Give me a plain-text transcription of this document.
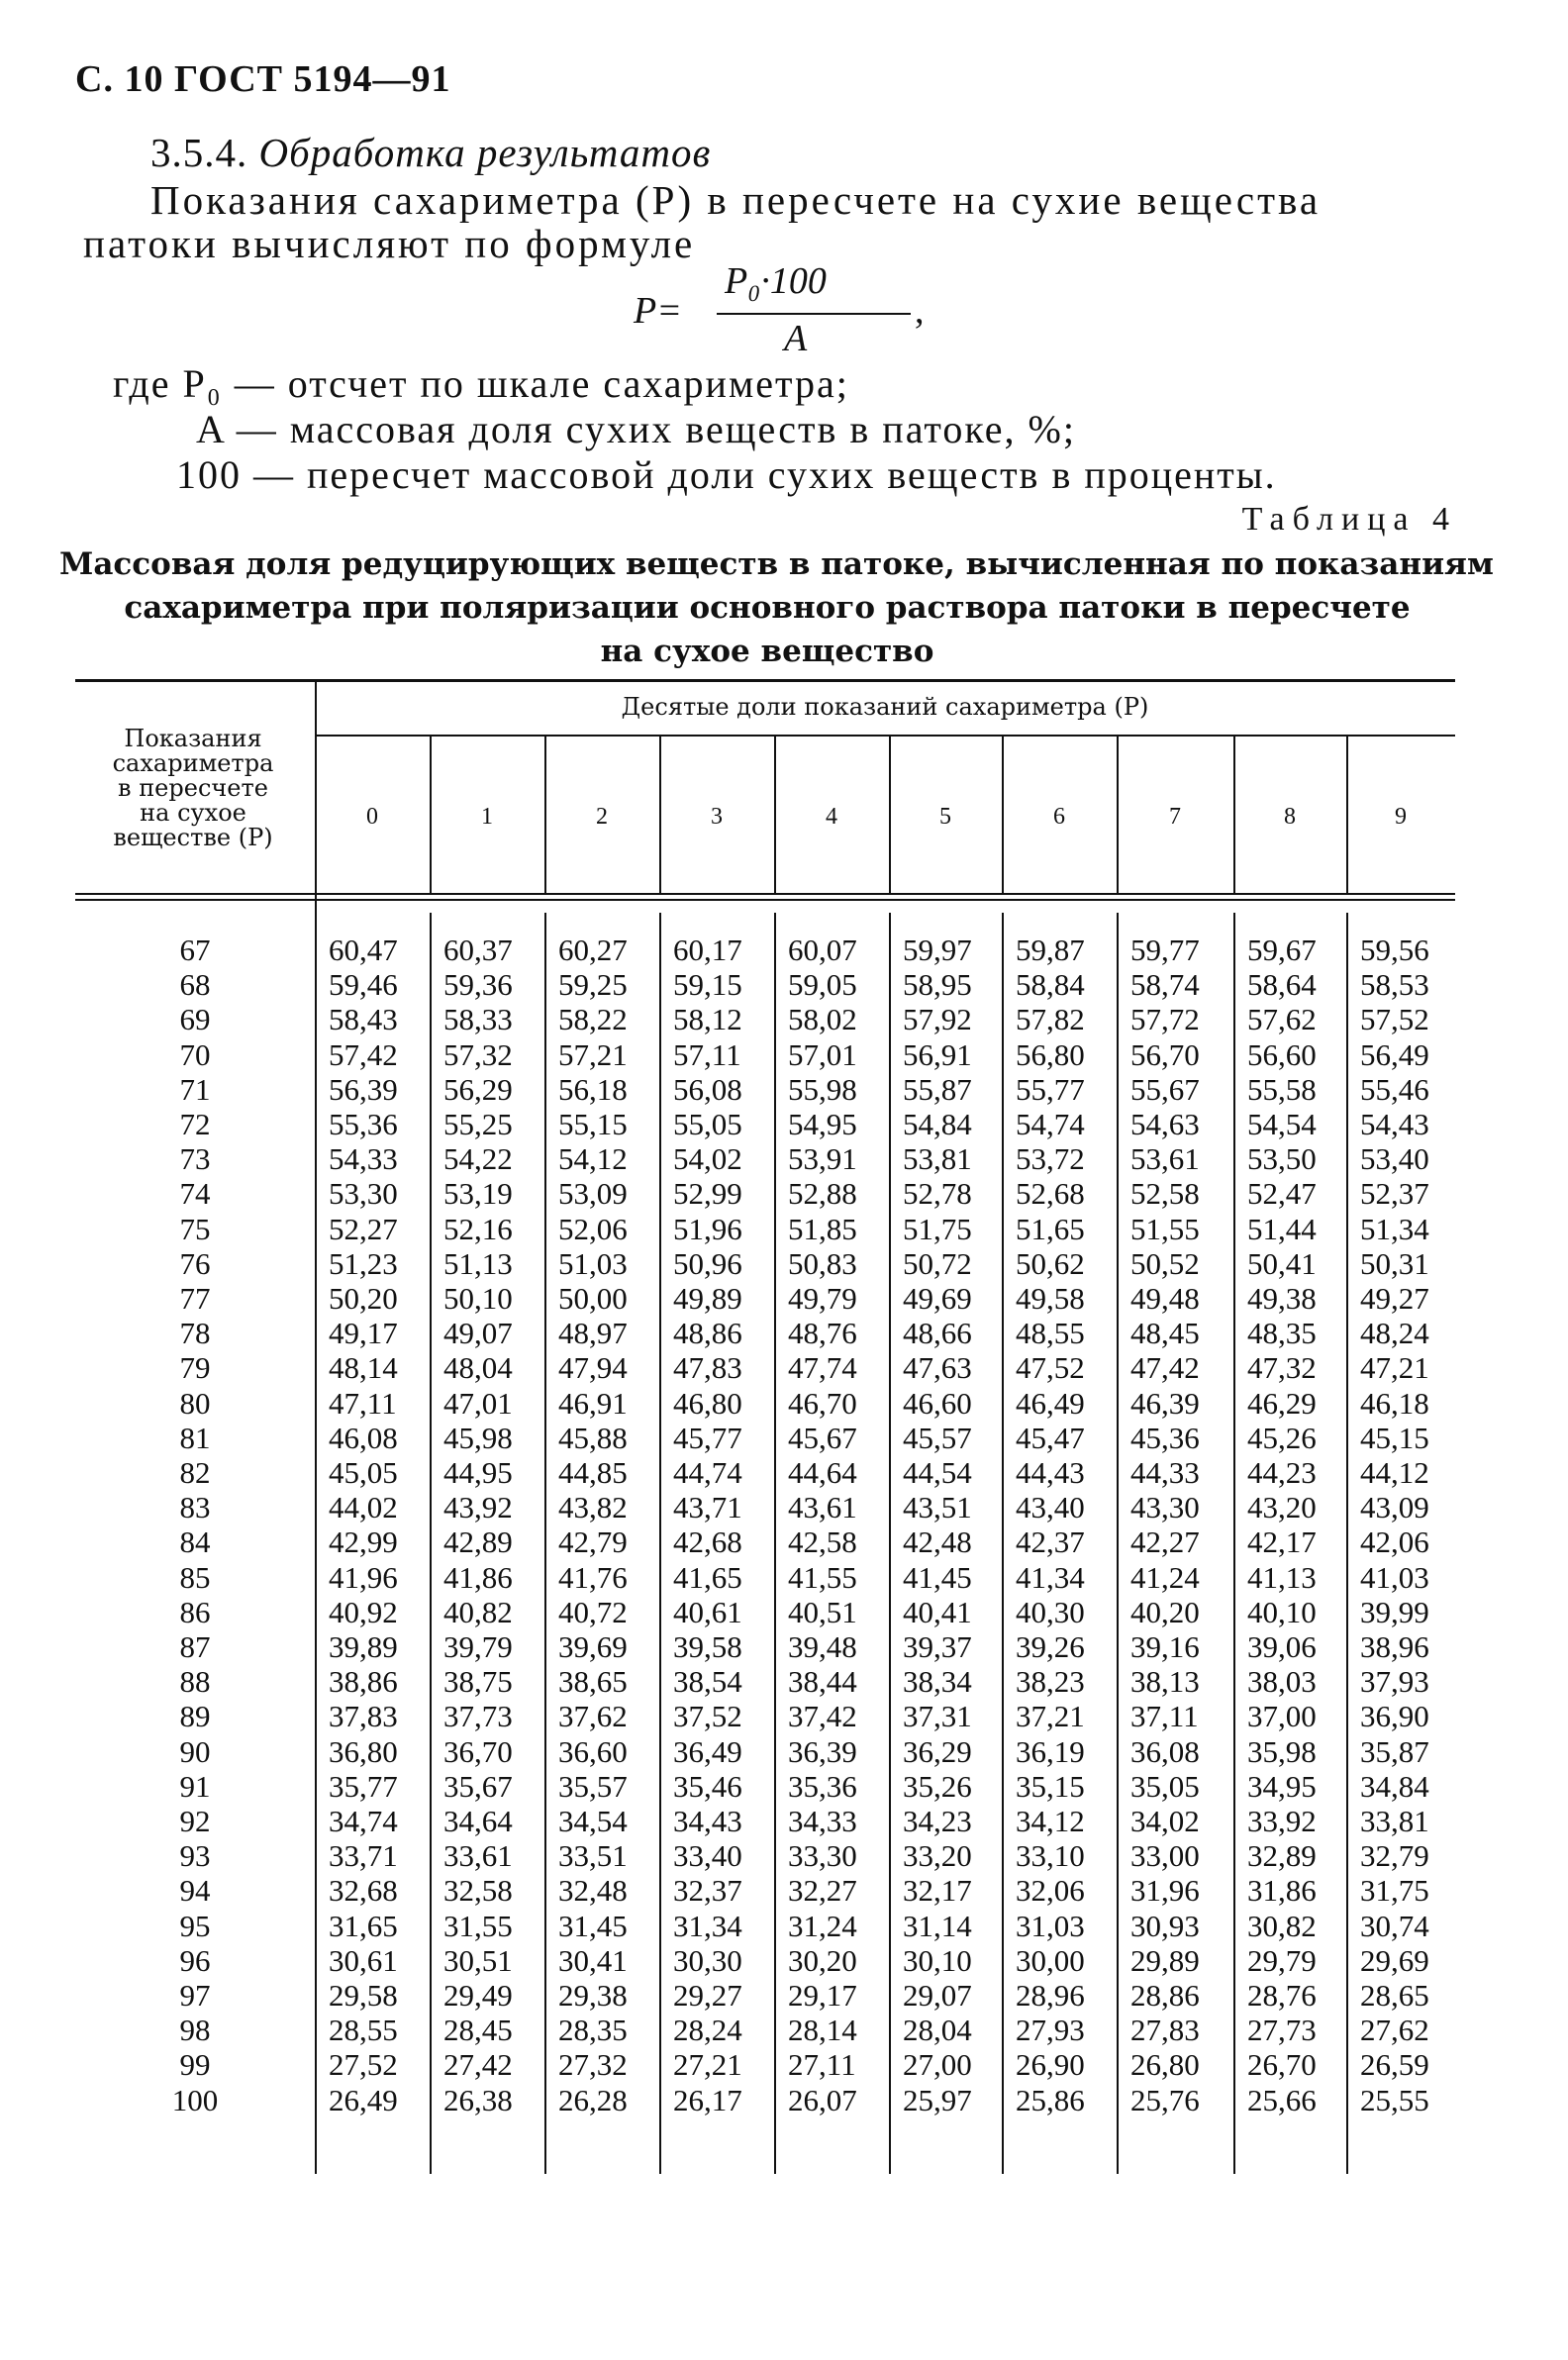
С. 10 ГОСТ 5194—91
3.5.4. Обработка результатов
Показания сахариметра (P) в пересчете на сухие вещества
патоки вычисляют по формуле
P=
P₀·100
A
,
где P₀ — отсчет по шкале сахариметра;
A — массовая доля сухих веществ в патоке, %;
100 — пересчет массовой доли сухих веществ в проценты.
Таблица 4
Массовая доля редуцирующих веществ в патоке, вычисленная по показаниям
сахариметра при поляризации основного раствора патоки в пересчете
на сухое вещество
Показания
сахариметра
в пересчете
на сухое
веществе (P)
Десятые доли показаний сахариметра (P)
0	1	2	3	4	5	6	7	8	9
67	60,47 60,37 60,27 60,17 60,07 59,97 59,87 59,77 59,67 59,56
68	59,46 59,36 59,25 59,15 59,05 58,95 58,84 58,74 58,64 58,53
69	58,43 58,33 58,22 58,12 58,02 57,92 57,82 57,72 57,62 57,52
70	57,42 57,32 57,21 57,11 57,01 56,91 56,80 56,70 56,60 56,49
71	56,39 56,29 56,18 56,08 55,98 55,87 55,77 55,67 55,58 55,46
72	55,36 55,25 55,15 55,05 54,95 54,84 54,74 54,63 54,54 54,43
73	54,33 54,22 54,12 54,02 53,91 53,81 53,72 53,61 53,50 53,40
74	53,30 53,19 53,09 52,99 52,88 52,78 52,68 52,58 52,47 52,37
75	52,27 52,16 52,06 51,96 51,85 51,75 51,65 51,55 51,44 51,34
76	51,23 51,13 51,03 50,96 50,83 50,72 50,62 50,52 50,41 50,31
77	50,20 50,10 50,00 49,89 49,79 49,69 49,58 49,48 49,38 49,27
78	49,17 49,07 48,97 48,86 48,76 48,66 48,55 48,45 48,35 48,24
79	48,14 48,04 47,94 47,83 47,74 47,63 47,52 47,42 47,32 47,21
80	47,11 47,01 46,91 46,80 46,70 46,60 46,49 46,39 46,29 46,18
81	46,08 45,98 45,88 45,77 45,67 45,57 45,47 45,36 45,26 45,15
82	45,05 44,95 44,85 44,74 44,64 44,54 44,43 44,33 44,23 44,12
83	44,02 43,92 43,82 43,71 43,61 43,51 43,40 43,30 43,20 43,09
84	42,99 42,89 42,79 42,68 42,58 42,48 42,37 42,27 42,17 42,06
85	41,96 41,86 41,76 41,65 41,55 41,45 41,34 41,24 41,13 41,03
86	40,92 40,82 40,72 40,61 40,51 40,41 40,30 40,20 40,10 39,99
87	39,89 39,79 39,69 39,58 39,48 39,37 39,26 39,16 39,06 38,96
88	38,86 38,75 38,65 38,54 38,44 38,34 38,23 38,13 38,03 37,93
89	37,83 37,73 37,62 37,52 37,42 37,31 37,21 37,11 37,00 36,90
90	36,80 36,70 36,60 36,49 36,39 36,29 36,19 36,08 35,98 35,87
91	35,77 35,67 35,57 35,46 35,36 35,26 35,15 35,05 34,95 34,84
92	34,74 34,64 34,54 34,43 34,33 34,23 34,12 34,02 33,92 33,81
93	33,71 33,61 33,51 33,40 33,30 33,20 33,10 33,00 32,89 32,79
94	32,68 32,58 32,48 32,37 32,27 32,17 32,06 31,96 31,86 31,75
95	31,65 31,55 31,45 31,34 31,24 31,14 31,03 30,93 30,82 30,74
96	30,61 30,51 30,41 30,30 30,20 30,10 30,00 29,89 29,79 29,69
97	29,58 29,49 29,38 29,27 29,17 29,07 28,96 28,86 28,76 28,65
98	28,55 28,45 28,35 28,24 28,14 28,04 27,93 27,83 27,73 27,62
99	27,52 27,42 27,32 27,21 27,11 27,00 26,90 26,80 26,70 26,59
100	26,49 26,38 26,28 26,17 26,07 25,97 25,86 25,76 25,66 25,55
